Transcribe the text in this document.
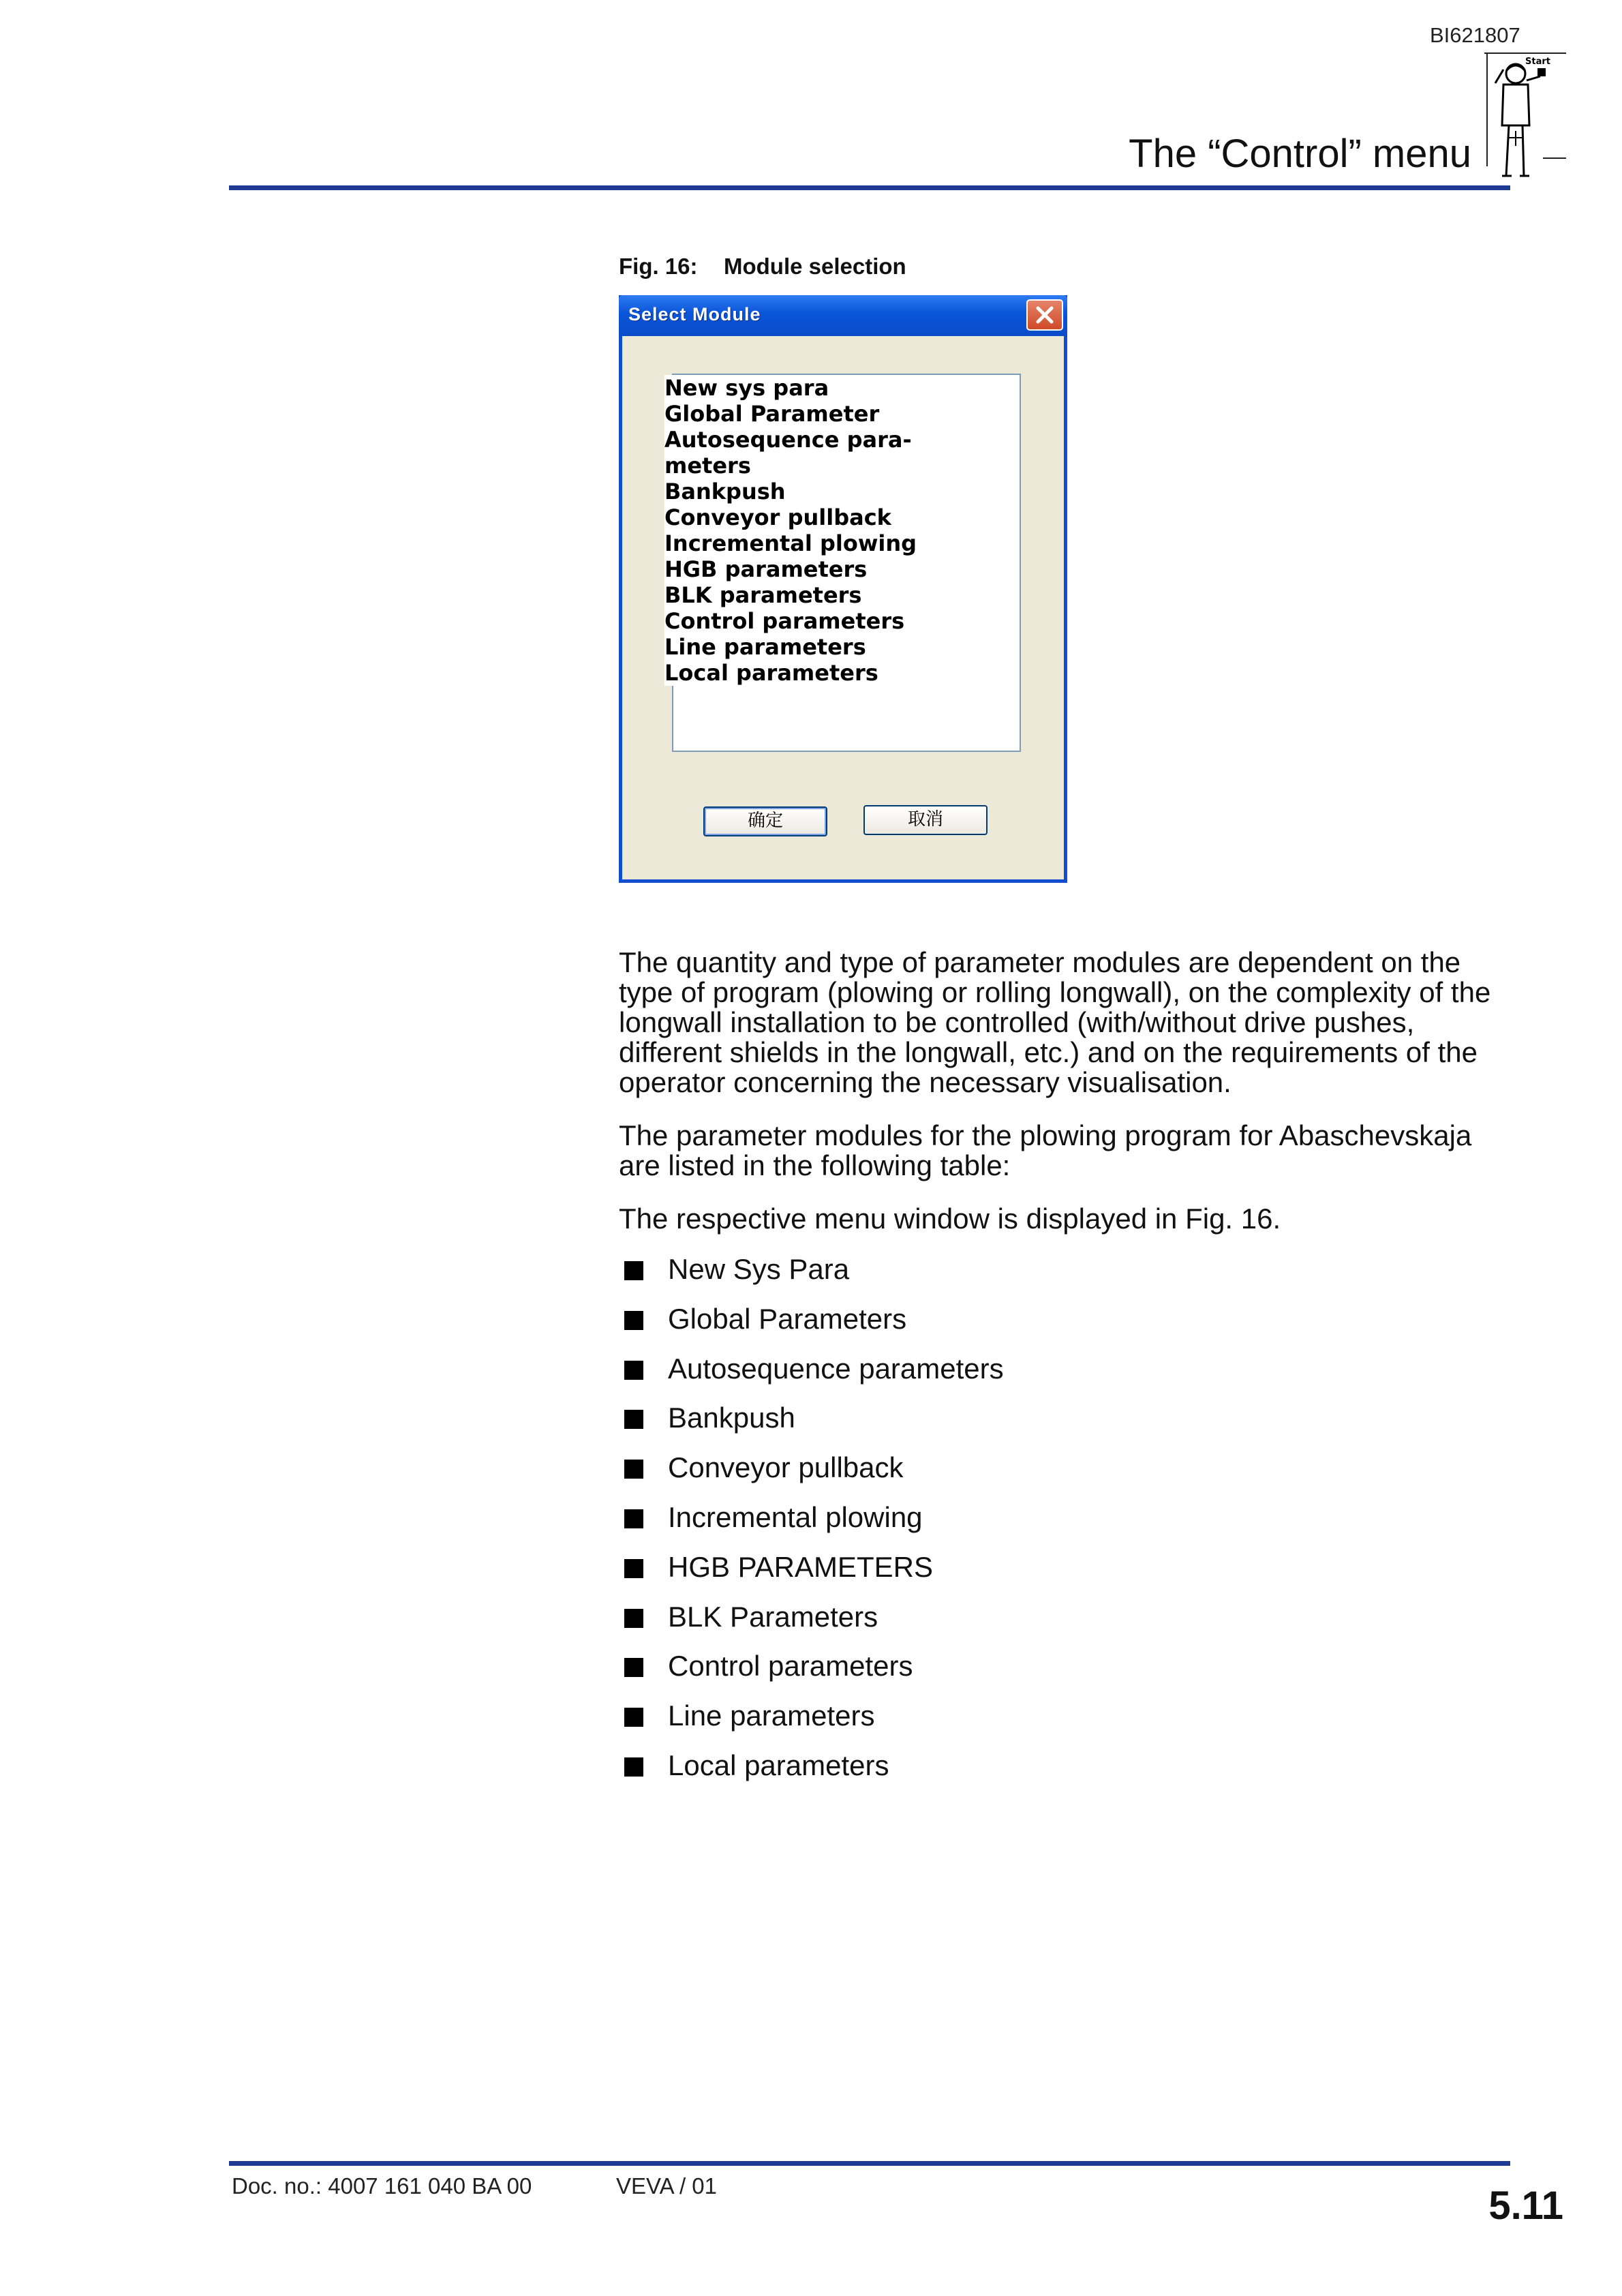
BI621807
The “Control” menu
Start
Fig. 16: Module selection
Select Module
New sys para
Global Parameter
Autosequence para-
meters
Bankpush
Conveyor pullback
Incremental plowing
HGB parameters
BLK parameters
Control parameters
Line parameters
Local parameters
确定	取消
The quantity and type of parameter modules are dependent on the type of program (plowing or rolling longwall), on the complexity of the longwall installation to be controlled (with/without drive pushes, different shields in the longwall, etc.) and on the requirements of the operator concerning the necessary visualisation.
The parameter modules for the plowing program for Abaschevskaja are listed in the following table:
The respective menu window is displayed in Fig. 16.
New Sys Para
Global Parameters
Autosequence parameters
Bankpush
Conveyor pullback
Incremental plowing
HGB PARAMETERS
BLK Parameters
Control parameters
Line parameters
Local parameters
Doc. no.: 4007 161 040 BA 00	VEVA / 01	5.11
